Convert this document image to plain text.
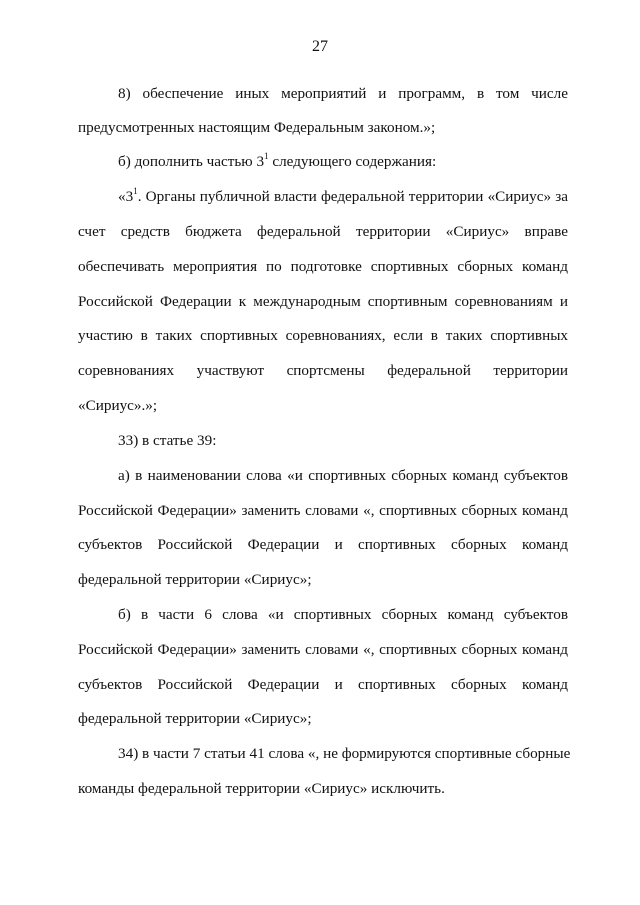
27
8) обеспечение иных мероприятий и программ, в том числе
предусмотренных настоящим Федеральным законом.»;
б) дополнить частью $3^1$ следующего содержания:
«$3^1$. Органы публичной власти федеральной территории «Сириус» за
счет средств бюджета федеральной территории «Сириус» вправе
обеспечивать мероприятия по подготовке спортивных сборных команд
Российской Федерации к международным спортивным соревнованиям и
участию в таких спортивных соревнованиях, если в таких спортивных
соревнованиях участвуют спортсмены федеральной территории
«Сириус».»;
33) в статье 39:
а) в наименовании слова «и спортивных сборных команд субъектов
Российской Федерации» заменить словами «, спортивных сборных команд
субъектов Российской Федерации и спортивных сборных команд
федеральной территории «Сириус»;
б) в части 6 слова «и спортивных сборных команд субъектов
Российской Федерации» заменить словами «, спортивных сборных команд
субъектов Российской Федерации и спортивных сборных команд
федеральной территории «Сириус»;
34) в части 7 статьи 41 слова «, не формируются спортивные сборные
команды федеральной территории «Сириус» исключить.
